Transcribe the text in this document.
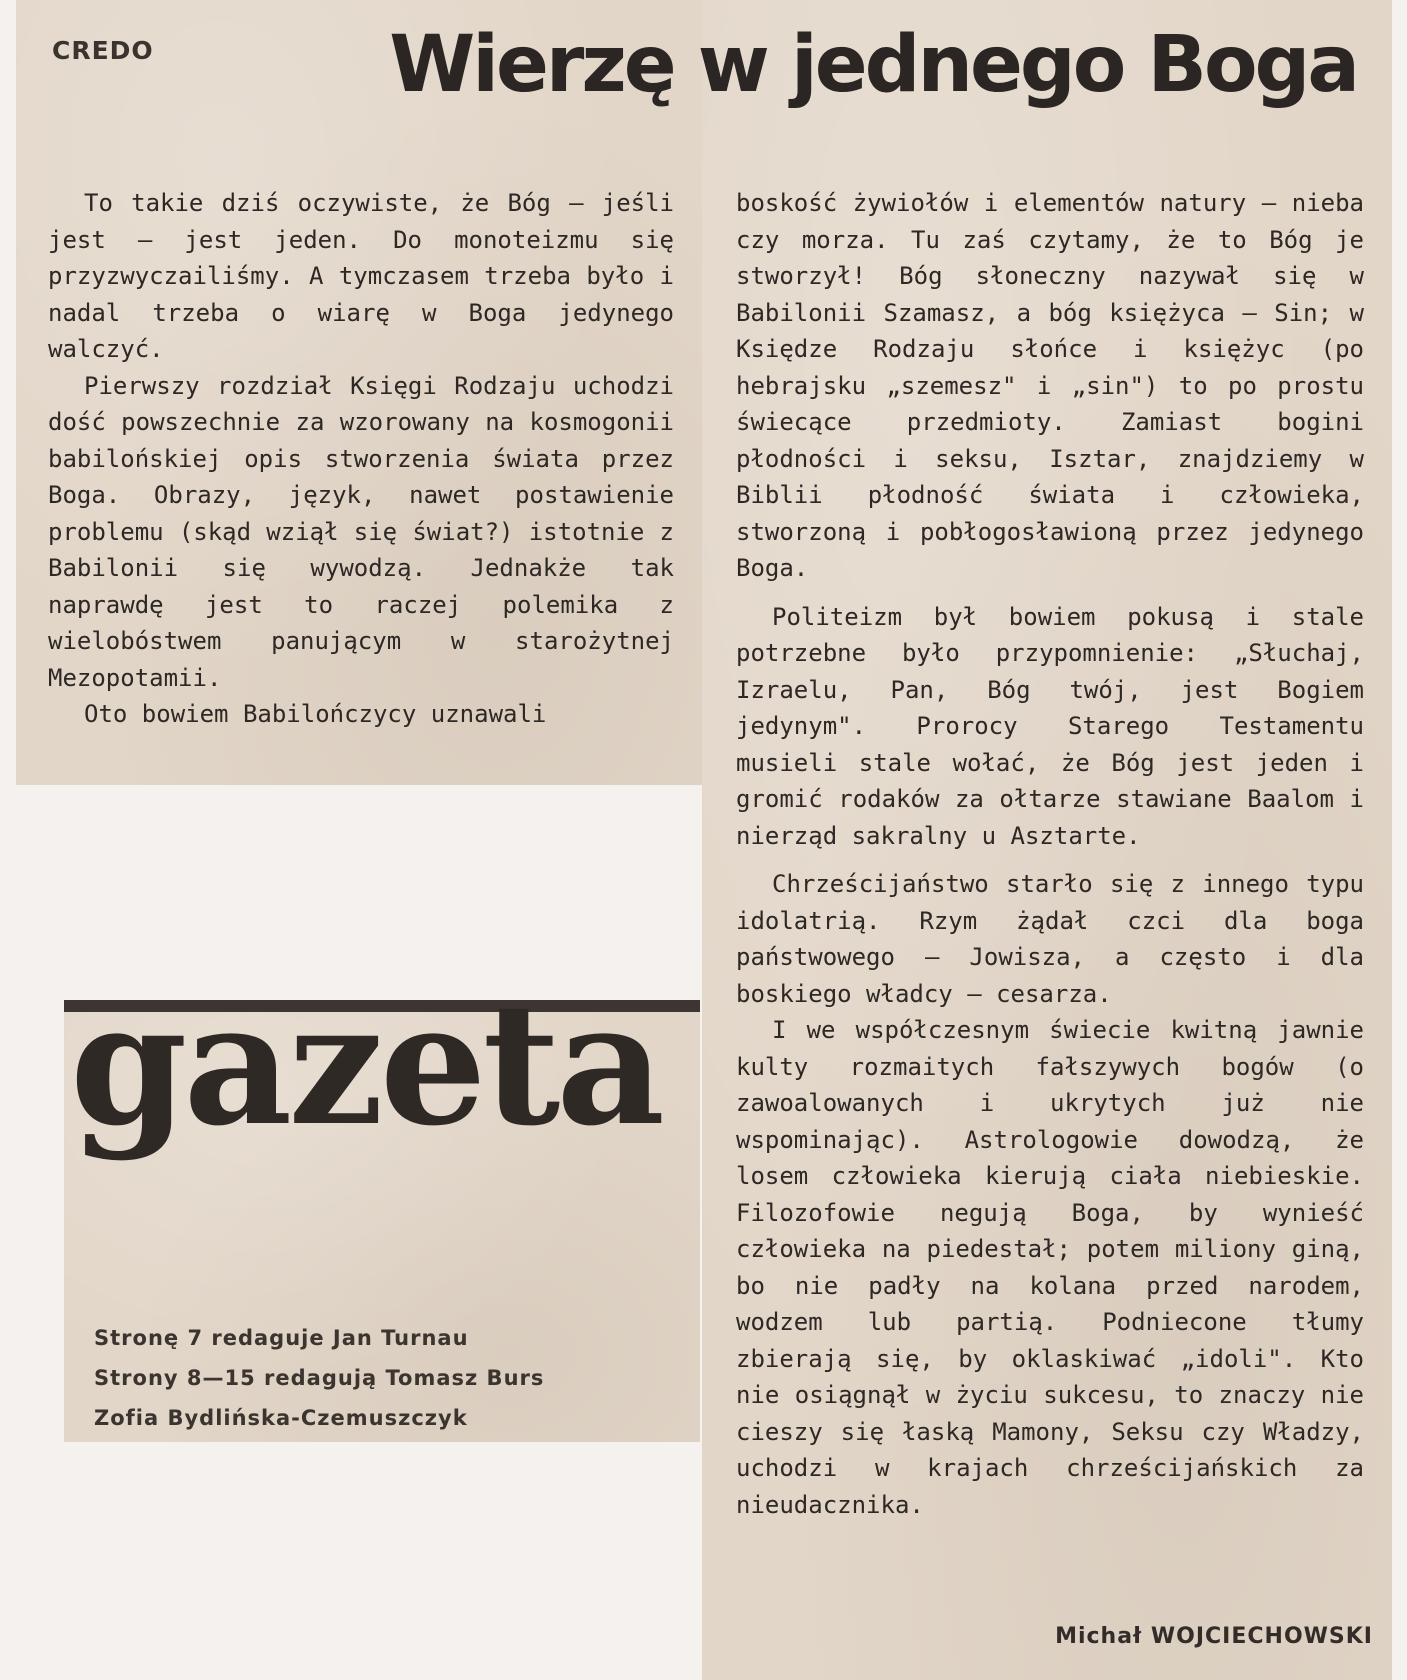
CREDO	Wierzę w jednego Boga

To takie dziś oczywiste, że Bóg — jeśli jest — jest jeden. Do monoteizmu się przyzwyczailiśmy. A tymczasem trzeba było i nadal trzeba o wiarę w Boga jedynego walczyć.

Pierwszy rozdział Księgi Rodzaju uchodzi dość powszechnie za wzorowany na kosmogonii babilońskiej opis stworzenia świata przez Boga. Obrazy, język, nawet postawienie problemu (skąd wziął się świat?) istotnie z Babilonii się wywodzą. Jednakże tak naprawdę jest to raczej polemika z wielobóstwem panującym w starożytnej Mezopotamii.

Oto bowiem Babilończycy uznawali

boskość żywiołów i elementów natury — nieba czy morza. Tu zaś czytamy, że to Bóg je stworzył! Bóg słoneczny nazywał się w Babilonii Szamasz, a bóg księżyca — Sin; w Księdze Rodzaju słońce i księżyc (po hebrajsku „szemesz" i „sin") to po prostu świecące przedmioty. Zamiast bogini płodności i seksu, Isztar, znajdziemy w Biblii płodność świata i człowieka, stworzoną i pobłogosławioną przez jedynego Boga.

Politeizm był bowiem pokusą i stale potrzebne było przypomnienie: „Słuchaj, Izraelu, Pan, Bóg twój, jest Bogiem jedynym". Prorocy Starego Testamentu musieli stale wołać, że Bóg jest jeden i gromić rodaków za ołtarze stawiane Baalom i nierząd sakralny u Asztarte.

Chrześcijaństwo starło się z innego typu idolatrią. Rzym żądał czci dla boga państwowego — Jowisza, a często i dla boskiego władcy — cesarza.

I we współczesnym świecie kwitną jawnie kulty rozmaitych fałszywych bogów (o zawoalowanych i ukrytych już nie wspominając). Astrologowie dowodzą, że losem człowieka kierują ciała niebieskie. Filozofowie negują Boga, by wynieść człowieka na piedestał; potem miliony giną, bo nie padły na kolana przed narodem, wodzem lub partią. Podniecone tłumy zbierają się, by oklaskiwać „idoli". Kto nie osiągnął w życiu sukcesu, to znaczy nie cieszy się łaską Mamony, Seksu czy Władzy, uchodzi w krajach chrześcijańskich za nieudacznika.

Michał WOJCIECHOWSKI
gazeta
Stronę 7 redaguje Jan Turnau
Strony 8—15 redagują Tomasz Burs
Zofia Bydlińska-Czemuszczyk
